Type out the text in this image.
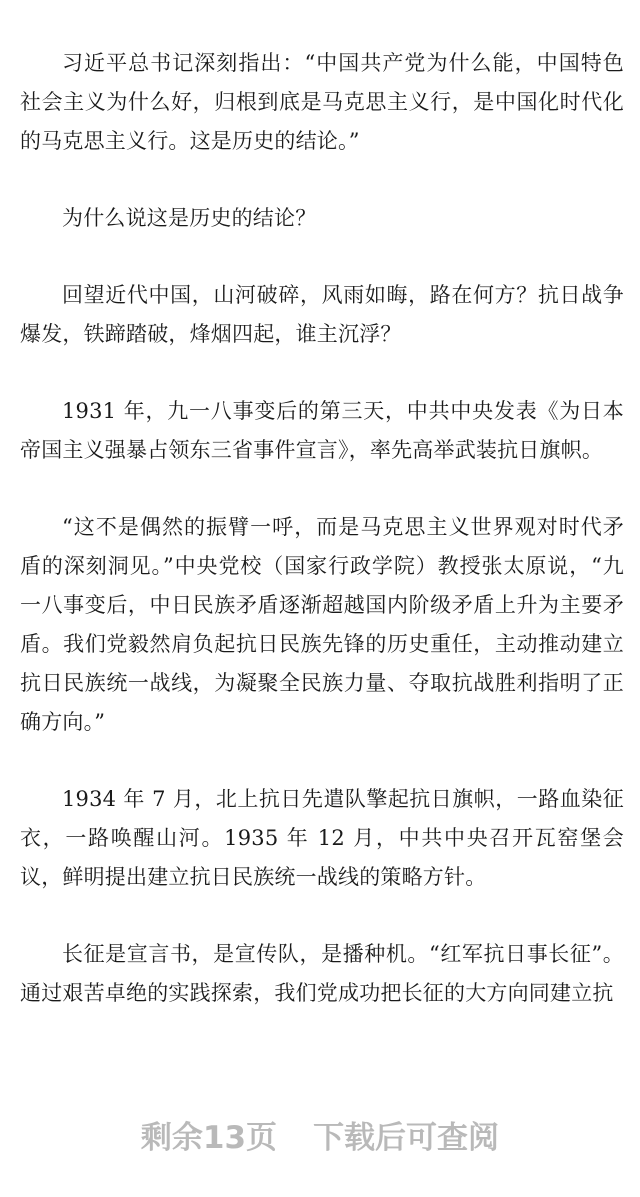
习近平总书记深刻指出：“中国共产党为什么能，中国特色社会主义为什么好，归根到底是马克思主义行，是中国化时代化的马克思主义行。这是历史的结论。”

为什么说这是历史的结论？

回望近代中国，山河破碎，风雨如晦，路在何方？抗日战争爆发，铁蹄踏破，烽烟四起，谁主沉浮？

1931 年，九一八事变后的第三天，中共中央发表《为日本帝国主义强暴占领东三省事件宣言》，率先高举武装抗日旗帜。

“这不是偶然的振臂一呼，而是马克思主义世界观对时代矛盾的深刻洞见。”中央党校（国家行政学院）教授张太原说，“九一八事变后，中日民族矛盾逐渐超越国内阶级矛盾上升为主要矛盾。我们党毅然肩负起抗日民族先锋的历史重任，主动推动建立抗日民族统一战线，为凝聚全民族力量、夺取抗战胜利指明了正确方向。”

1934 年 7 月，北上抗日先遣队擎起抗日旗帜，一路血染征衣，一路唤醒山河。1935 年 12 月，中共中央召开瓦窑堡会议，鲜明提出建立抗日民族统一战线的策略方针。

长征是宣言书，是宣传队，是播种机。“红军抗日事长征”。通过艰苦卓绝的实践探索，我们党成功把长征的大方向同建立抗

剩余13页 下载后可查阅
